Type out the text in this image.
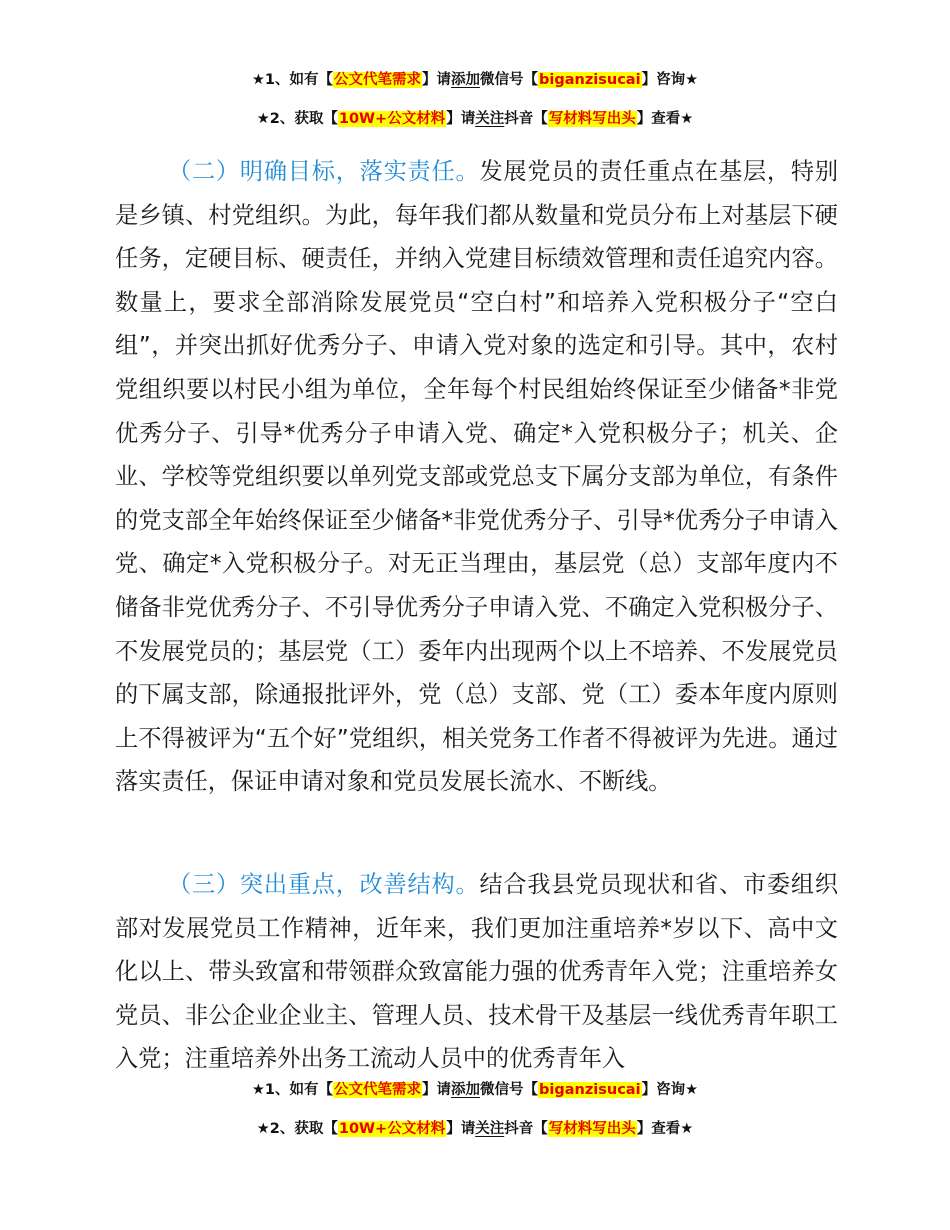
★1、如有【公文代笔需求】请添加微信号【biganzisucai】咨询★
★2、获取【10W+公文材料】请关注抖音【写材料写出头】查看★

（二）明确目标，落实责任。发展党员的责任重点在基层，特别是乡镇、村党组织。为此，每年我们都从数量和党员分布上对基层下硬任务，定硬目标、硬责任，并纳入党建目标绩效管理和责任追究内容。数量上，要求全部消除发展党员“空白村”和培养入党积极分子“空白组”，并突出抓好优秀分子、申请入党对象的选定和引导。其中，农村党组织要以村民小组为单位，全年每个村民组始终保证至少储备*非党优秀分子、引导*优秀分子申请入党、确定*入党积极分子；机关、企业、学校等党组织要以单列党支部或党总支下属分支部为单位，有条件的党支部全年始终保证至少储备*非党优秀分子、引导*优秀分子申请入党、确定*入党积极分子。对无正当理由，基层党（总）支部年度内不储备非党优秀分子、不引导优秀分子申请入党、不确定入党积极分子、不发展党员的；基层党（工）委年内出现两个以上不培养、不发展党员的下属支部，除通报批评外，党（总）支部、党（工）委本年度内原则上不得被评为“五个好”党组织，相关党务工作者不得被评为先进。通过落实责任，保证申请对象和党员发展长流水、不断线。

（三）突出重点，改善结构。结合我县党员现状和省、市委组织部对发展党员工作精神，近年来，我们更加注重培养*岁以下、高中文化以上、带头致富和带领群众致富能力强的优秀青年入党；注重培养女党员、非公企业企业主、管理人员、技术骨干及基层一线优秀青年职工入党；注重培养外出务工流动人员中的优秀青年入

★1、如有【公文代笔需求】请添加微信号【biganzisucai】咨询★
★2、获取【10W+公文材料】请关注抖音【写材料写出头】查看★
